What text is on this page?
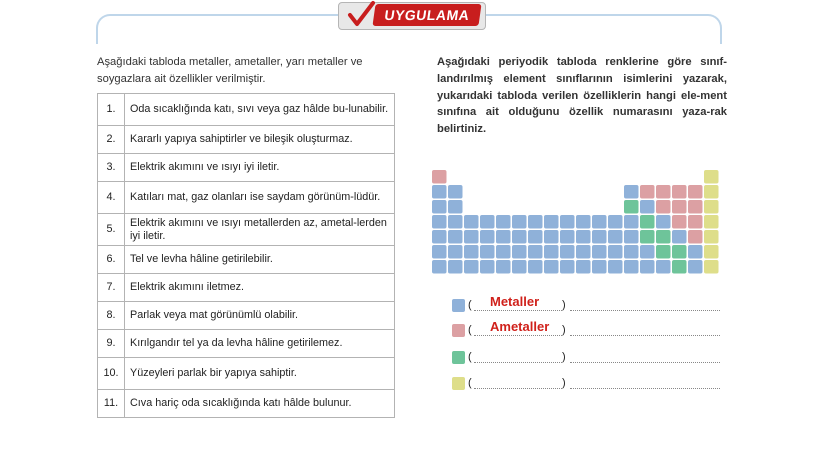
UYGULAMA
Aşağıdaki tabloda metaller, ametaller, yarı metaller ve soygazlara ait özellikler verilmiştir.
1.	Oda sıcaklığında katı, sıvı veya gaz hâlde bu-lunabilir.
2.	Kararlı yapıya sahiptirler ve bileşik oluşturmaz.
3.	Elektrik akımını ve ısıyı iyi iletir.
4.	Katıları mat, gaz olanları ise saydam görünüm-lüdür.
5.	Elektrik akımını ve ısıyı metallerden az, ametal-lerden iyi iletir.
6.	Tel ve levha hâline getirilebilir.
7.	Elektrik akımını iletmez.
8.	Parlak veya mat görünümlü olabilir.
9.	Kırılgandır tel ya da levha hâline getirilemez.
10.	Yüzeyleri parlak bir yapıya sahiptir.
11.	Cıva hariç oda sıcaklığında katı hâlde bulunur.
Aşağıdaki periyodik tabloda renklerine göre sınıf-landırılmış element sınıflarının isimlerini yazarak, yukarıdaki tabloda verilen özelliklerin hangi ele-ment sınıfına ait olduğunu özellik numarasını yaza-rak belirtiniz.
( Metaller )
( Ametaller )
(	)
(	)
